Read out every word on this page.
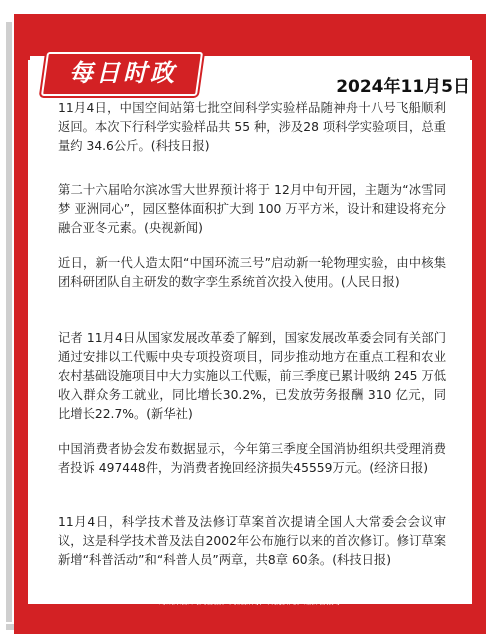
每日时政	2024年11月5日

11月4日，中国空间站第七批空间科学实验样品随神舟十八号飞船顺利返回。本次下行科学实验样品共 55 种，涉及28 项科学实验项目，总重量约 34.6公斤。(科技日报)

第二十六届哈尔滨冰雪大世界预计将于 12月中旬开园，主题为“冰雪同梦 亚洲同心”，园区整体面积扩大到 100 万平方米，设计和建设将充分融合亚冬元素。(央视新闻)

近日，新一代人造太阳“中国环流三号”启动新一轮物理实验，由中核集团科研团队自主研发的数字孪生系统首次投入使用。(人民日报)

记者 11月4日从国家发展改革委了解到，国家发展改革委会同有关部门通过安排以工代赈中央专项投资项目，同步推动地方在重点工程和农业农村基础设施项目中大力实施以工代赈，前三季度已累计吸纳 245 万低收入群众务工就业，同比增长30.2%，已发放劳务报酬 310 亿元，同比增长22.7%。(新华社)

中国消费者协会发布数据显示，今年第三季度全国消协组织共受理消费者投诉 497448件，为消费者挽回经济损失45559万元。(经济日报)

11月4日，科学技术普及法修订草案首次提请全国人大常委会会议审议，这是科学技术普及法自2002年公布施行以来的首次修订。修订草案新增“科普活动”和“科普人员”两章，共8章 60条。(科技日报)

时政来源:人民日报、央视新闻、科技新闻、经济日报等
